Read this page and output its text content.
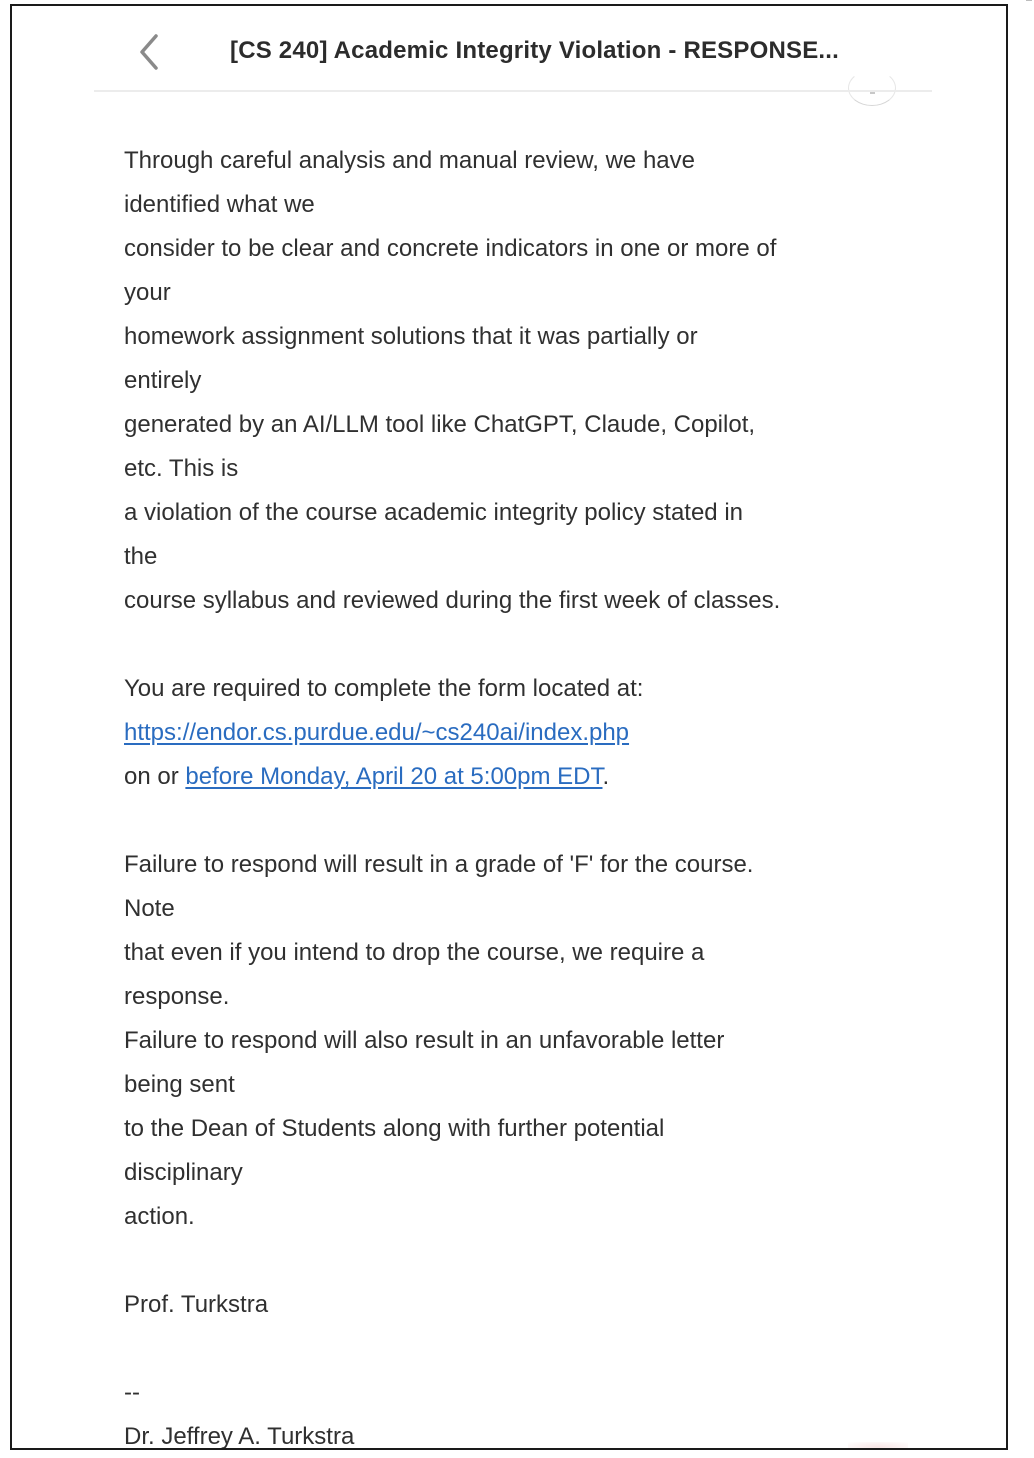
[CS 240] Academic Integrity Violation - RESPONSE...
Through careful analysis and manual review, we have
identified what we
consider to be clear and concrete indicators in one or more of
your
homework assignment solutions that it was partially or
entirely
generated by an AI/LLM tool like ChatGPT, Claude, Copilot,
etc. This is
a violation of the course academic integrity policy stated in
the
course syllabus and reviewed during the first week of classes.
You are required to complete the form located at:
https://endor.cs.purdue.edu/~cs240ai/index.php
on or before Monday, April 20 at 5:00pm EDT.
Failure to respond will result in a grade of 'F' for the course.
Note
that even if you intend to drop the course, we require a
response.
Failure to respond will also result in an unfavorable letter
being sent
to the Dean of Students along with further potential
disciplinary
action.
Prof. Turkstra
--
Dr. Jeffrey A. Turkstra
